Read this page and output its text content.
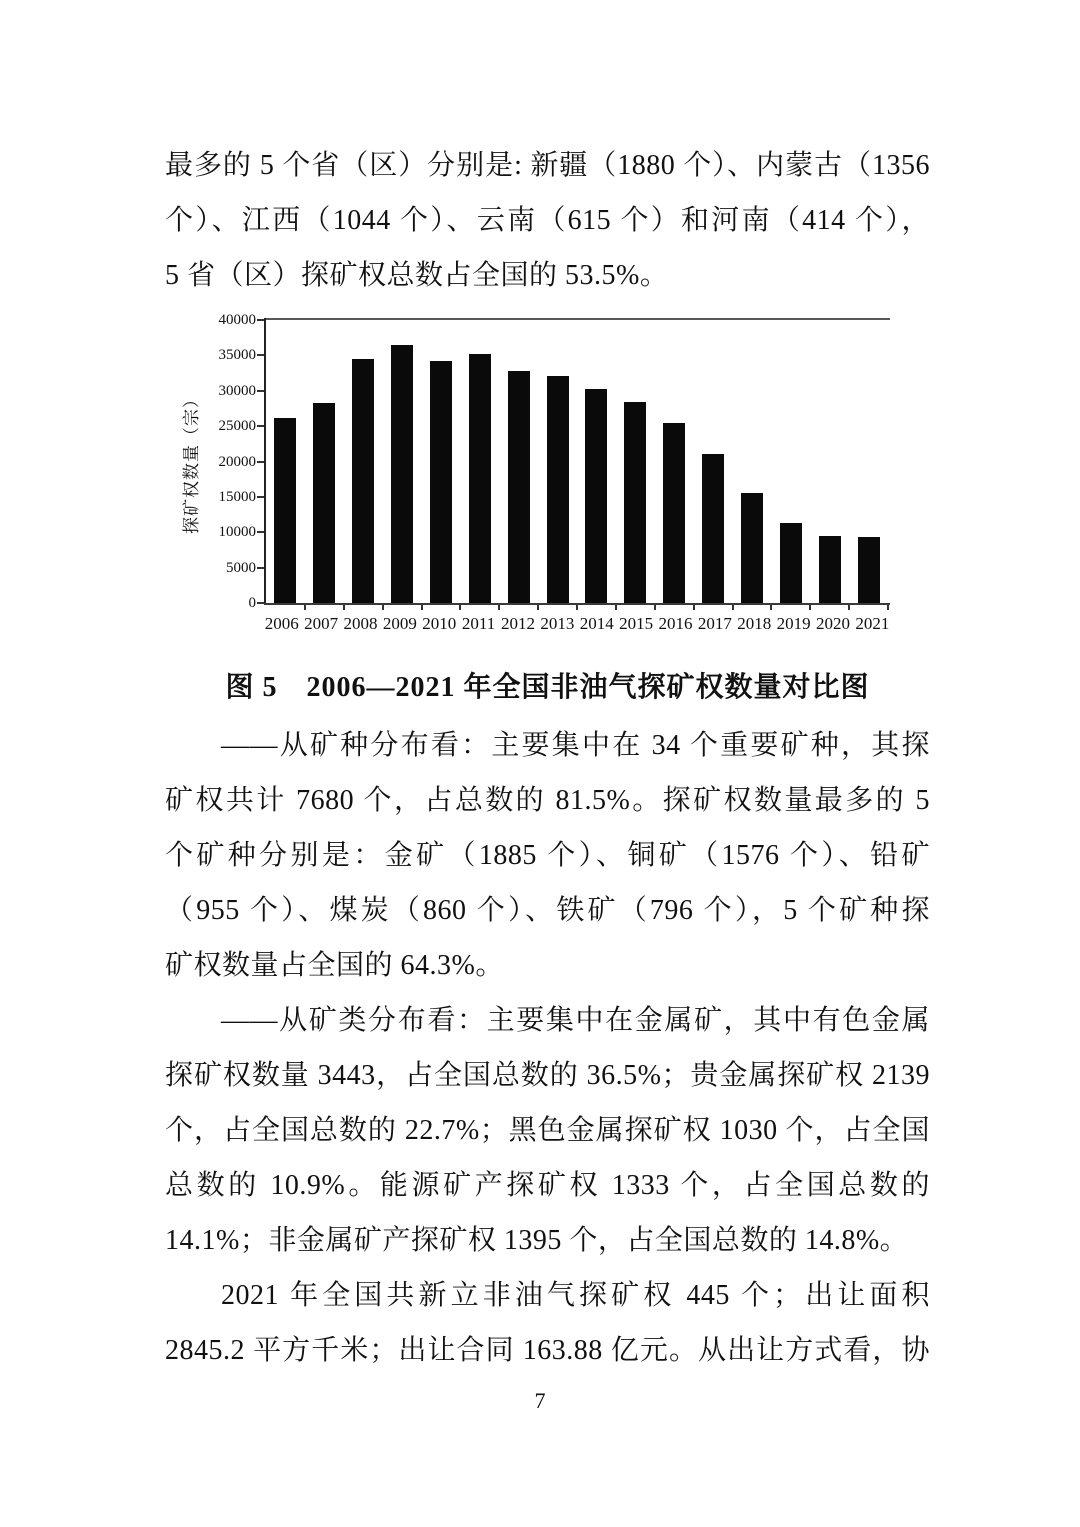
最多的 5 个省（区）分别是: 新疆（1880 个）、内蒙古（1356
个）、江西（1044 个）、云南（615 个）和河南（414 个），
5 省（区）探矿权总数占全国的 53.5%。
探矿权数量（宗）
0
5000
10000
15000
20000
25000
30000
35000
40000
2006 2007 2008 2009 2010 2011 2012 2013 2014 2015 2016 2017 2018 2019 2020 2021
图 5　2006—2021 年全国非油气探矿权数量对比图
——从矿种分布看：主要集中在 34 个重要矿种，其探
矿权共计 7680 个，占总数的 81.5%。探矿权数量最多的 5
个矿种分别是：金矿（1885 个）、铜矿（1576 个）、铅矿
（955 个）、煤炭（860 个）、铁矿（796 个），5 个矿种探
矿权数量占全国的 64.3%。
——从矿类分布看：主要集中在金属矿，其中有色金属
探矿权数量 3443，占全国总数的 36.5%；贵金属探矿权 2139
个，占全国总数的 22.7%；黑色金属探矿权 1030 个，占全国
总数的 10.9%。能源矿产探矿权 1333 个，占全国总数的
14.1%；非金属矿产探矿权 1395 个，占全国总数的 14.8%。
2021 年全国共新立非油气探矿权 445 个；出让面积
2845.2 平方千米；出让合同 163.88 亿元。从出让方式看，协
7
